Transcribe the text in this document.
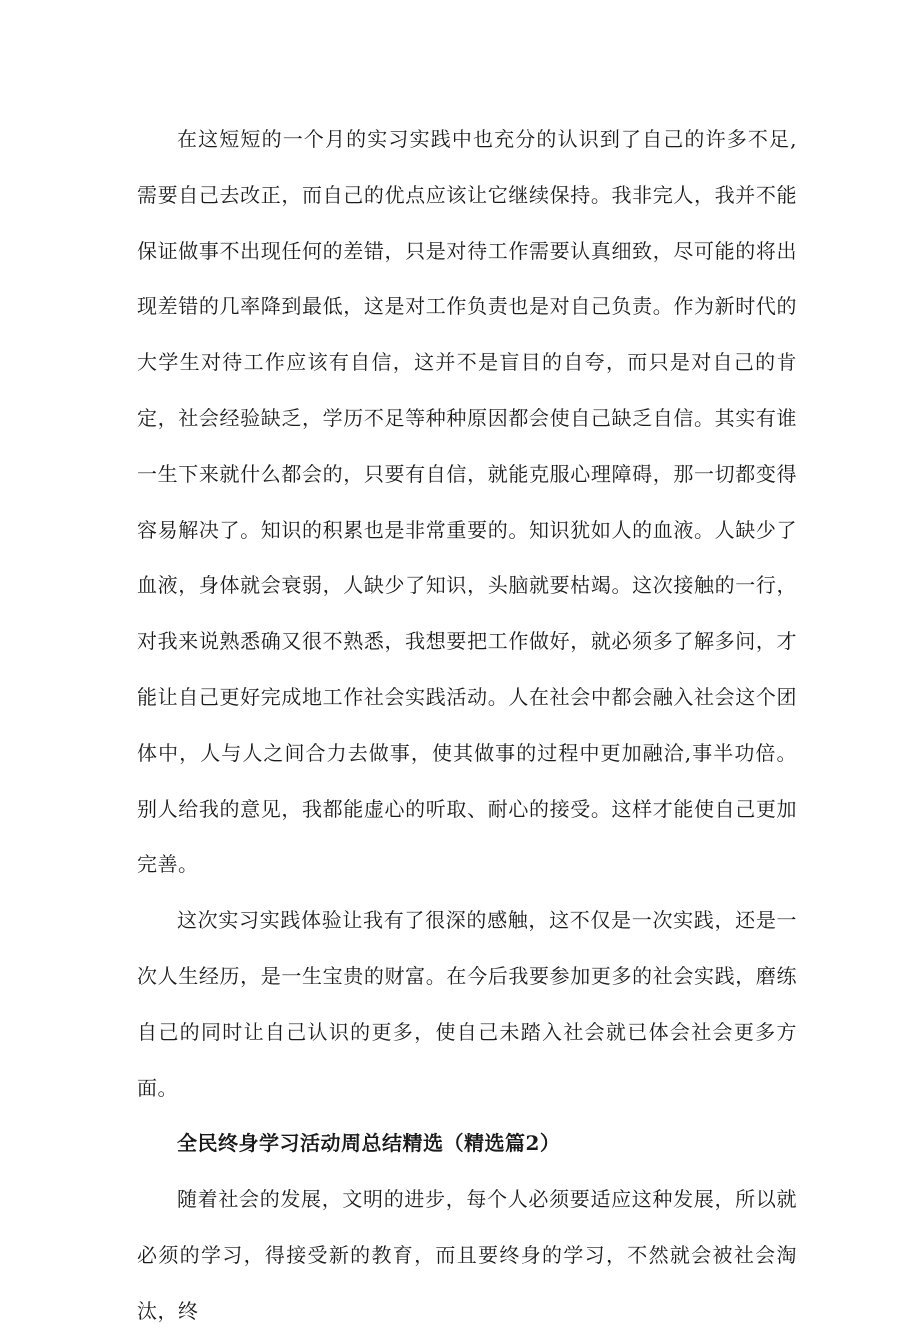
在这短短的一个月的实习实践中也充分的认识到了自己的许多不足,需要自己去改正，而自己的优点应该让它继续保持。我非完人，我并不能保证做事不出现任何的差错，只是对待工作需要认真细致，尽可能的将出现差错的几率降到最低，这是对工作负责也是对自己负责。作为新时代的大学生对待工作应该有自信，这并不是盲目的自夸，而只是对自己的肯定，社会经验缺乏，学历不足等种种原因都会使自己缺乏自信。其实有谁一生下来就什么都会的，只要有自信，就能克服心理障碍，那一切都变得容易解决了。知识的积累也是非常重要的。知识犹如人的血液。人缺少了血液，身体就会衰弱，人缺少了知识，头脑就要枯竭。这次接触的一行，对我来说熟悉确又很不熟悉，我想要把工作做好，就必须多了解多问，才能让自己更好完成地工作社会实践活动。人在社会中都会融入社会这个团体中，人与人之间合力去做事，使其做事的过程中更加融洽,事半功倍。别人给我的意见，我都能虚心的听取、耐心的接受。这样才能使自己更加完善。

这次实习实践体验让我有了很深的感触，这不仅是一次实践，还是一次人生经历，是一生宝贵的财富。在今后我要参加更多的社会实践，磨练自己的同时让自己认识的更多，使自己未踏入社会就已体会社会更多方面。

全民终身学习活动周总结精选（精选篇2）

随着社会的发展，文明的进步，每个人必须要适应这种发展，所以就必须的学习，得接受新的教育，而且要终身的学习，不然就会被社会淘汰，终
